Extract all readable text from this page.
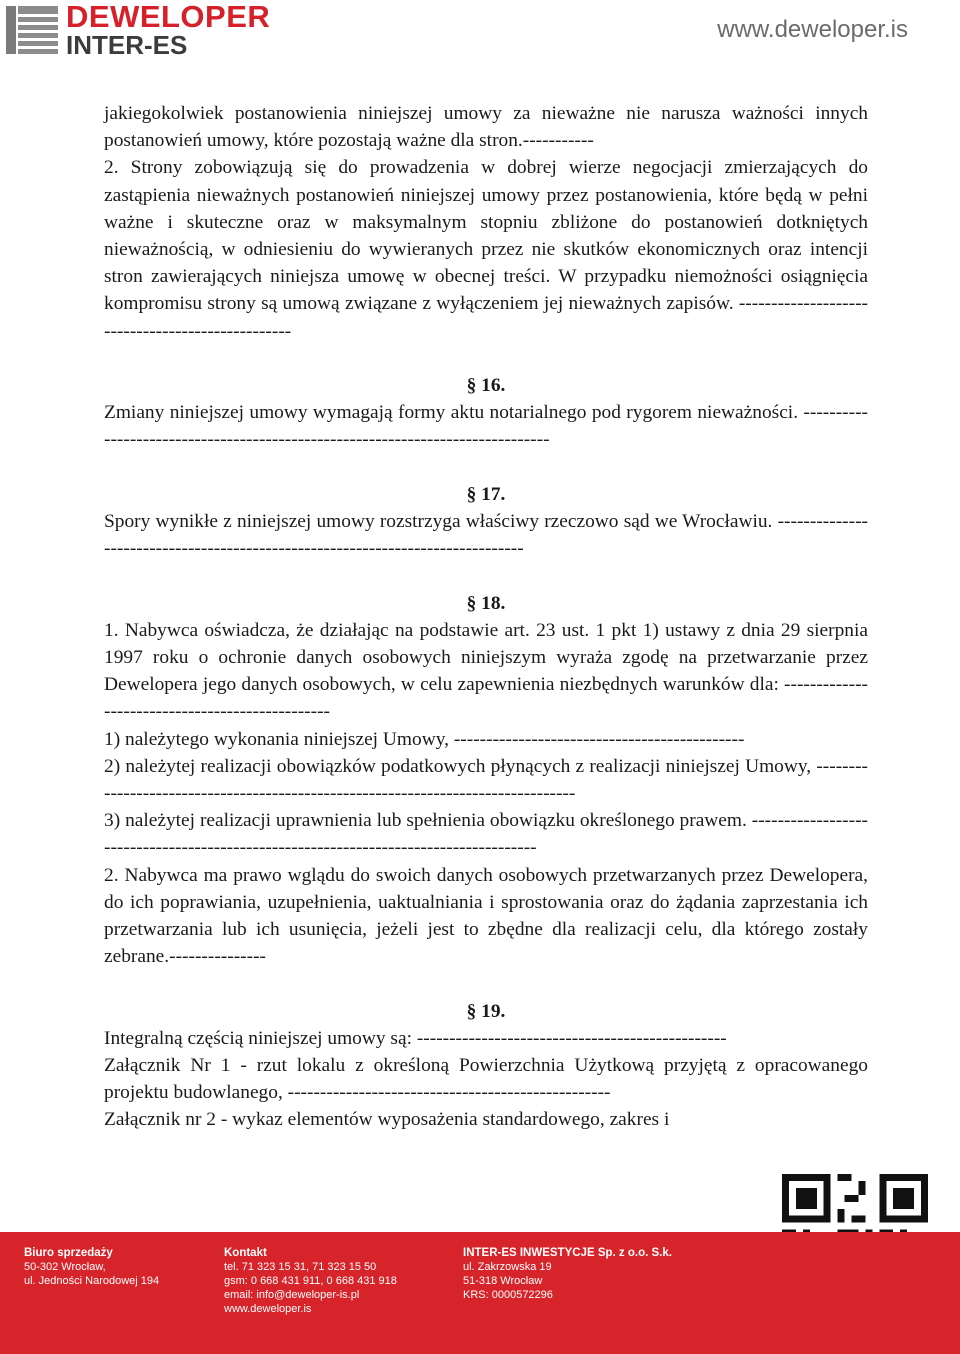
DEWELOPER
INTER-ES
www.deweloper.is

jakiegokolwiek postanowienia niniejszej umowy za nieważne nie narusza ważności innych postanowień umowy, które pozostają ważne dla stron.-----------

2. Strony zobowiązują się do prowadzenia w dobrej wierze negocjacji zmierzających do zastąpienia nieważnych postanowień niniejszej umowy przez postanowienia, które będą w pełni ważne i skuteczne oraz w maksymalnym stopniu zbliżone do postanowień dotkniętych nieważnością, w odniesieniu do wywieranych przez nie skutków ekonomicznych oraz intencji stron zawierających niniejsza umowę w obecnej treści. W przypadku niemożności osiągnięcia kompromisu strony są umową związane z wyłączeniem jej nieważnych zapisów. -------------------------------------------------

§ 16.

Zmiany niniejszej umowy wymagają formy aktu notarialnego pod rygorem nieważności. -------------------------------------------------------------------------------

§ 17.

Spory wynikłe z niniejszej umowy rozstrzyga właściwy rzeczowo sąd we Wrocławiu. -------------------------------------------------------------------------------

§ 18.

1. Nabywca oświadcza, że działając na podstawie art. 23 ust. 1 pkt 1) ustawy z dnia 29 sierpnia 1997 roku o ochronie danych osobowych niniejszym wyraża zgodę na przetwarzanie przez Dewelopera jego danych osobowych, w celu zapewnienia niezbędnych warunków dla: ------------------------------------------------

1) należytego wykonania niniejszej Umowy, ---------------------------------------------

2) należytej realizacji obowiązków podatkowych płynących z realizacji niniejszej Umowy, ---------------------------------------------------------------------------------

3) należytej realizacji uprawnienia lub spełnienia obowiązku określonego prawem. -------------------------------------------------------------------------------------

2. Nabywca ma prawo wglądu do swoich danych osobowych przetwarzanych przez Dewelopera, do ich poprawiania, uzupełnienia, uaktualniania i sprostowania oraz do żądania zaprzestania ich przetwarzania lub ich usunięcia, jeżeli jest to zbędne dla realizacji celu, dla którego zostały zebrane.---------------

§ 19.

Integralną częścią niniejszej umowy są: ------------------------------------------------

Załącznik Nr 1 - rzut lokalu z określoną Powierzchnia Użytkową przyjętą z opracowanego projektu budowlanego, --------------------------------------------------

Załącznik nr 2 - wykaz elementów wyposażenia standardowego, zakres i

Biuro sprzedaży
50-302 Wrocław,
ul. Jedności Narodowej 194
Kontakt
tel. 71 323 15 31, 71 323 15 50
gsm: 0 668 431 911, 0 668 431 918
email: info@deweloper-is.pl
www.deweloper.is
INTER-ES INWESTYCJE Sp. z o.o. S.k.
ul. Zakrzowska 19
51-318 Wrocław
KRS: 0000572296
